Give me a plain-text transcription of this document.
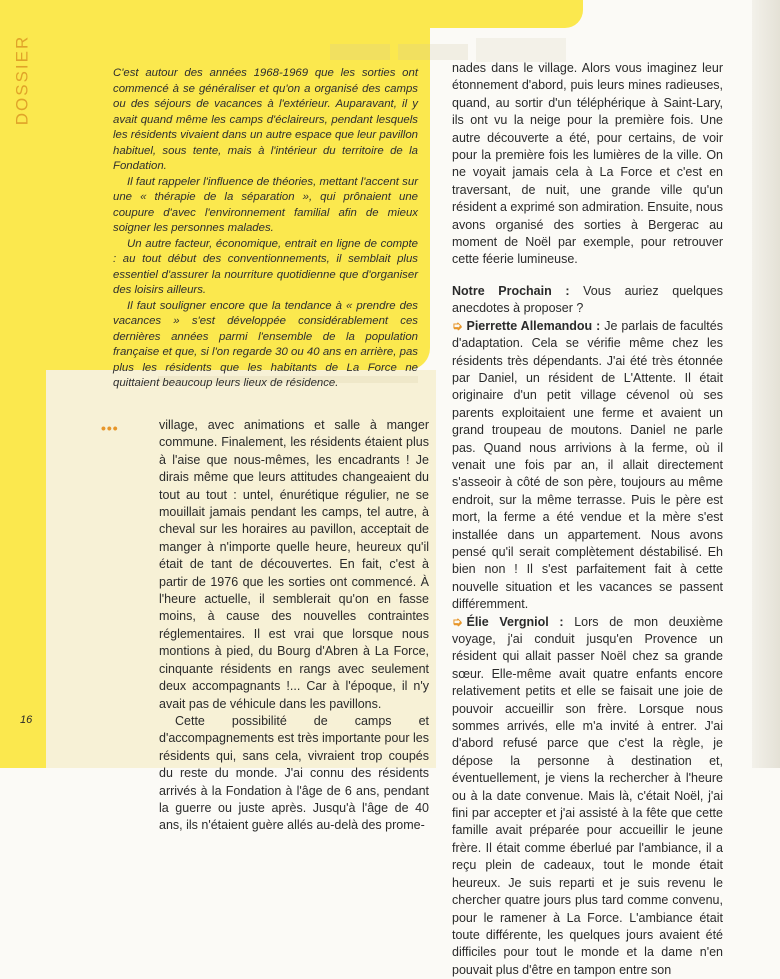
DOSSIER	C'est autour des années 1968-1969 que les sorties ont commencé à se généraliser et qu'on a organisé des camps ou des séjours de vacances à l'extérieur. Auparavant, il y avait quand même les camps d'éclaireurs, pendant lesquels les résidents vivaient dans un autre espace que leur pavillon habituel, sous tente, mais à l'intérieur du territoire de la Fondation.

Il faut rappeler l'influence de théories, mettant l'accent sur une « thérapie de la séparation », qui prônaient une coupure d'avec l'environnement familial afin de mieux soigner les personnes malades.

Un autre facteur, économique, entrait en ligne de compte : au tout début des conventionnements, il semblait plus essentiel d'assurer la nourriture quotidienne que d'organiser des loisirs ailleurs.

Il faut souligner encore que la tendance à « prendre des vacances » s'est développée considérablement ces dernières années parmi l'ensemble de la population française et que, si l'on regarde 30 ou 40 ans en arrière, pas plus les résidents que les habitants de La Force ne quittaient beaucoup leurs lieux de résidence.

•••	village, avec animations et salle à manger commune. Finalement, les résidents étaient plus à l'aise que nous-mêmes, les encadrants ! Je dirais même que leurs attitudes changeaient du tout au tout : untel, énurétique régulier, ne se mouillait jamais pendant les camps, tel autre, à cheval sur les horaires au pavillon, acceptait de manger à n'importe quelle heure, heureux qu'il était de tant de découvertes. En fait, c'est à partir de 1976 que les sorties ont commencé. À l'heure actuelle, il semblerait qu'on en fasse moins, à cause des nouvelles contraintes réglementaires. Il est vrai que lorsque nous montions à pied, du Bourg d'Abren à La Force, cinquante résidents en rangs avec seulement deux accompagnants !... Car à l'époque, il n'y avait pas de véhicule dans les pavillons.

Cette possibilité de camps et d'accompagnements est très importante pour les résidents qui, sans cela, vivraient trop coupés du reste du monde. J'ai connu des résidents arrivés à la Fondation à l'âge de 6 ans, pendant la guerre ou juste après. Jusqu'à l'âge de 40 ans, ils n'étaient guère allés au-delà des prome-

nades dans le village. Alors vous imaginez leur étonnement d'abord, puis leurs mines radieuses, quand, au sortir d'un téléphérique à Saint-Lary, ils ont vu la neige pour la première fois. Une autre découverte a été, pour certains, de voir pour la première fois les lumières de la ville. On ne voyait jamais cela à La Force et c'est en traversant, de nuit, une grande ville qu'un résident a exprimé son admiration. Ensuite, nous avons organisé des sorties à Bergerac au moment de Noël par exemple, pour retrouver cette féerie lumineuse.

Notre Prochain : Vous auriez quelques anecdotes à proposer ?

➭ Pierrette Allemandou : Je parlais de facultés d'adaptation. Cela se vérifie même chez les résidents très dépendants. J'ai été très étonnée par Daniel, un résident de L'Attente. Il était originaire d'un petit village cévenol où ses parents exploitaient une ferme et avaient un grand troupeau de moutons. Daniel ne parle pas. Quand nous arrivions à la ferme, où il venait une fois par an, il allait directement s'asseoir à côté de son père, toujours au même endroit, sur la même terrasse. Puis le père est mort, la ferme a été vendue et la mère s'est installée dans un appartement. Nous avons pensé qu'il serait complètement déstabilisé. Eh bien non ! Il s'est parfaitement fait à cette nouvelle situation et les vacances se passent différemment.

➭ Élie Vergniol : Lors de mon deuxième voyage, j'ai conduit jusqu'en Provence un résident qui allait passer Noël chez sa grande sœur. Elle-même avait quatre enfants encore relativement petits et elle se faisait une joie de pouvoir accueillir son frère. Lorsque nous sommes arrivés, elle m'a invité à entrer. J'ai d'abord refusé parce que c'est la règle, je dépose la personne à destination et, éventuellement, je viens la rechercher à l'heure ou à la date convenue. Mais là, c'était Noël, j'ai fini par accepter et j'ai assisté à la fête que cette famille avait préparée pour accueillir le jeune frère. Il était comme éberlué par l'ambiance, il a reçu plein de cadeaux, tout le monde était heureux. Je suis reparti et je suis revenu le chercher quatre jours plus tard comme convenu, pour le ramener à La Force. L'ambiance était toute différente, les quelques jours avaient été difficiles pour tout le monde et la dame n'en pouvait plus d'être en tampon entre son

16
